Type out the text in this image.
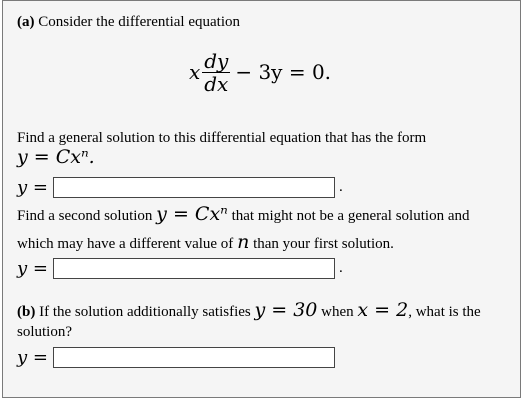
(a) Consider the differential equation
x $\frac{dy}{dx} - 3y = 0$.
Find a general solution to this differential equation that has the form
y = Cxⁿ.
y =	.
Find a second solution y = Cxⁿ that might not be a general solution and
which may have a different value of n than your first solution.
y =	.
(b) If the solution additionally satisfies y = 30 when x = 2, what is the
solution?
y =
